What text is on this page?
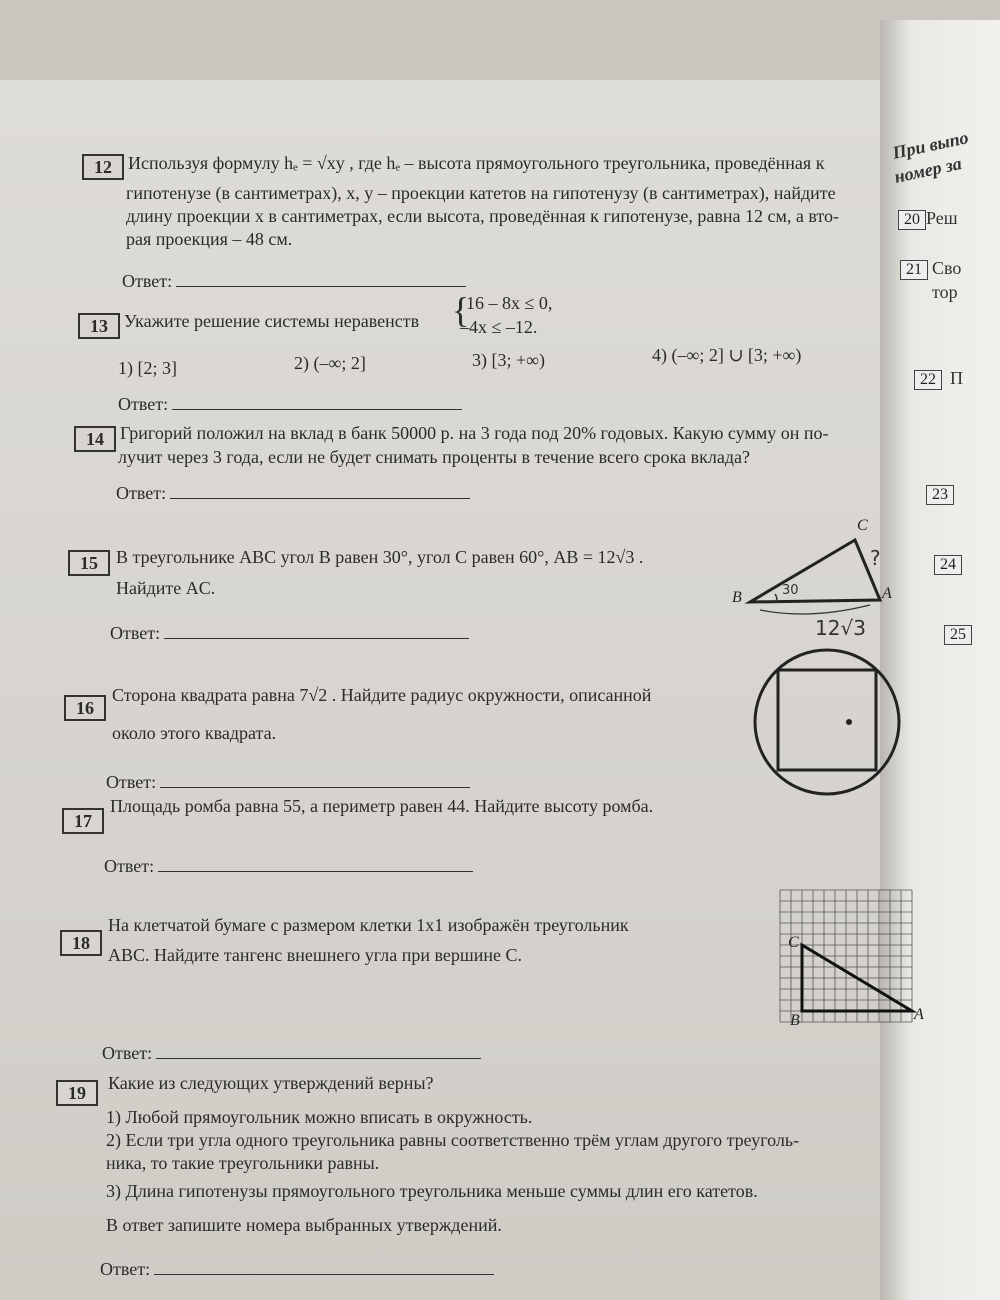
При выпо
номер за
20 Реш
21 Сво
тор
22 П
23
24
25
12 Используя формулу hₑ = √xy , где hₑ – высота прямоугольного треугольника, проведённая к
гипотенузе (в сантиметрах), x, y – проекции катетов на гипотенузу (в сантиметрах), найдите
длину проекции x в сантиметрах, если высота, проведённая к гипотенузе, равна 12 см, а вто-
рая проекция – 48 см.
Ответ:
13 Укажите решение системы неравенств {
16 – 8x ≤ 0,
–4x ≤ –12.
1) [2; 3]	2) (–∞; 2]	3) [3; +∞)	4) (–∞; 2] ∪ [3; +∞)
Ответ:
14 Григорий положил на вклад в банк 50000 р. на 3 года под 20% годовых. Какую сумму он по-
лучит через 3 года, если не будет снимать проценты в течение всего срока вклада?
Ответ:
15	В треугольнике ABC угол B равен 30°, угол C равен 60°, AB = 12√3 .
Найдите AC.
Ответ:
B
C
A
30
?
12√3
16
Сторона квадрата равна 7√2 . Найдите радиус окружности, описанной
около этого квадрата.
Ответ:
17
Площадь ромба равна 55, а периметр равен 44. Найдите высоту ромба.
Ответ:
18
На клетчатой бумаге с размером клетки 1x1 изображён треугольник
ABC. Найдите тангенс внешнего угла при вершине C.
Ответ:
B
C
A
19	Какие из следующих утверждений верны?
1) Любой прямоугольник можно вписать в окружность.
2) Если три угла одного треугольника равны соответственно трём углам другого треуголь-
ника, то такие треугольники равны.
3) Длина гипотенузы прямоугольного треугольника меньше суммы длин его катетов.
В ответ запишите номера выбранных утверждений.
Ответ:
